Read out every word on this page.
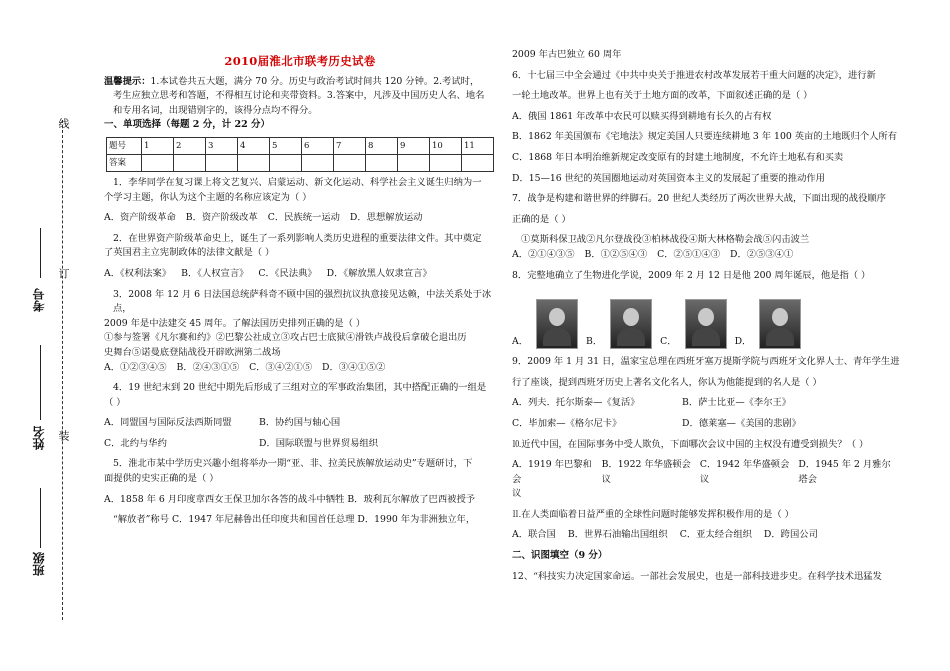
线
订
装
考号
姓名
班级
2010届淮北市联考历史试卷

温馨提示：1.本试卷共五大题，满分 70 分。历史与政治考试时间共 120 分钟。2.考试时，

考生应独立思考和答题，不得相互讨论和夹带资料。3.答案中，凡涉及中国历史人名、地名

和专用名词，出现错别字的，该得分点均不得分。

一、单项选择（每题 2 分，计 22 分）

题号	1	2	3	4	5	6	7	8	9	10	11
答案											

1．李华同学在复习课上将文艺复兴、启蒙运动、新文化运动、科学社会主义诞生归纳为一

个学习主题，你认为这个主题的名称应该定为（ ）

A．资产阶级革命 B．资产阶级改革 C．民族统一运动 D．思想解放运动

2．在世界资产阶级革命史上，诞生了一系列影响人类历史进程的重要法律文件。其中奠定

了英国君主立宪制政体的法律文献是（ ）

A．《权利法案》 B．《人权宣言》 C．《民法典》 D．《解放黑人奴隶宣言》

3．2008 年 12 月 6 日法国总统萨科奇不顾中国的强烈抗议执意接见达赖，中法关系处于冰点，

2009 年是中法建交 45 周年。了解法国历史排列正确的是（ ）

①参与签署《凡尔赛和约》②巴黎公社成立③攻占巴士底狱④滑铁卢战役后拿破仑退出历

史舞台⑤诺曼底登陆战役开辟欧洲第二战场

A．①②③④⑤ B．②④③①⑤ C．③④②①⑤ D．③④①⑤②

4．19 世纪末到 20 世纪中期先后形成了三组对立的军事政治集团，其中搭配正确的一组是

（ ）

A．同盟国与国际反法西斯同盟	B．协约国与轴心国
C．北约与华约	D．国际联盟与世界贸易组织

5．淮北市某中学历史兴趣小组将举办一期“亚、非、拉美民族解放运动史”专题研讨，下

面提供的史实正确的是（ ）

A．1858 年 6 月印度章西女王保卫加尔各答的战斗中牺牲 B．玻利瓦尔解放了巴西被授予

“解放者”称号 C．1947 年尼赫鲁出任印度共和国首任总理 D．1990 年为非洲独立年，

2009 年古巴独立 60 周年

6．十七届三中全会通过《中共中央关于推进农村改革发展若干重大问题的决定》，进行新

一轮土地改革。世界上也有关于土地方面的改革，下面叙述正确的是（ ）

A．俄国 1861 年改革中农民可以赎买得到耕地有长久的占有权

B．1862 年美国颁布《宅地法》规定美国人只要连续耕地 3 年 100 英亩的土地既归个人所有

C．1868 年日本明治维新规定改变原有的封建土地制度，不允许土地私有和买卖

D．15—16 世纪的英国圈地运动对英国资本主义的发展起了重要的推动作用

7．战争是构建和谐世界的绊脚石。20 世纪人类经历了两次世界大战，下面出现的战役顺序

正确的是（ ）

①莫斯科保卫战②凡尔登战役③柏林战役④斯大林格勒会战⑤闪击波兰

A．②①④③⑤ B．①②⑤④③ C．②⑤①④③ D．②⑤③④①

8．完整地确立了生物进化学说，2009 年 2 月 12 日是他 200 周年诞辰，他是指（ ）

A．	B．	C．	D．

9．2009 年 1 月 31 日，温家宝总理在西班牙塞万提斯学院与西班牙文化界人士、青年学生进

行了座谈，提到西班牙历史上著名文化名人，你认为他能提到的名人是（ ）

A．列夫．托尔斯泰—《复活》	B．萨士比亚—《李尔王》
C．毕加索—《格尔尼卡》	D．德莱塞—《美国的悲剧》

⒑近代中国，在国际事务中受人欺负，下面哪次会议中国的主权没有遭受到损失？（ ）

A．1919 年巴黎和会
B．1922 年华盛顿会议
C．1942 年华盛顿会议
D．1945 年 2 月雅尔塔会

议

⒒在人类面临着日益严重的全球性问题时能够发挥积极作用的是（ ）

A．联合国 B．世界石油输出国组织 C．亚太经合组织 D．跨国公司

二、识图填空（9 分）

12、“科技实力决定国家命运。一部社会发展史，也是一部科技进步史。在科学技术迅猛发
